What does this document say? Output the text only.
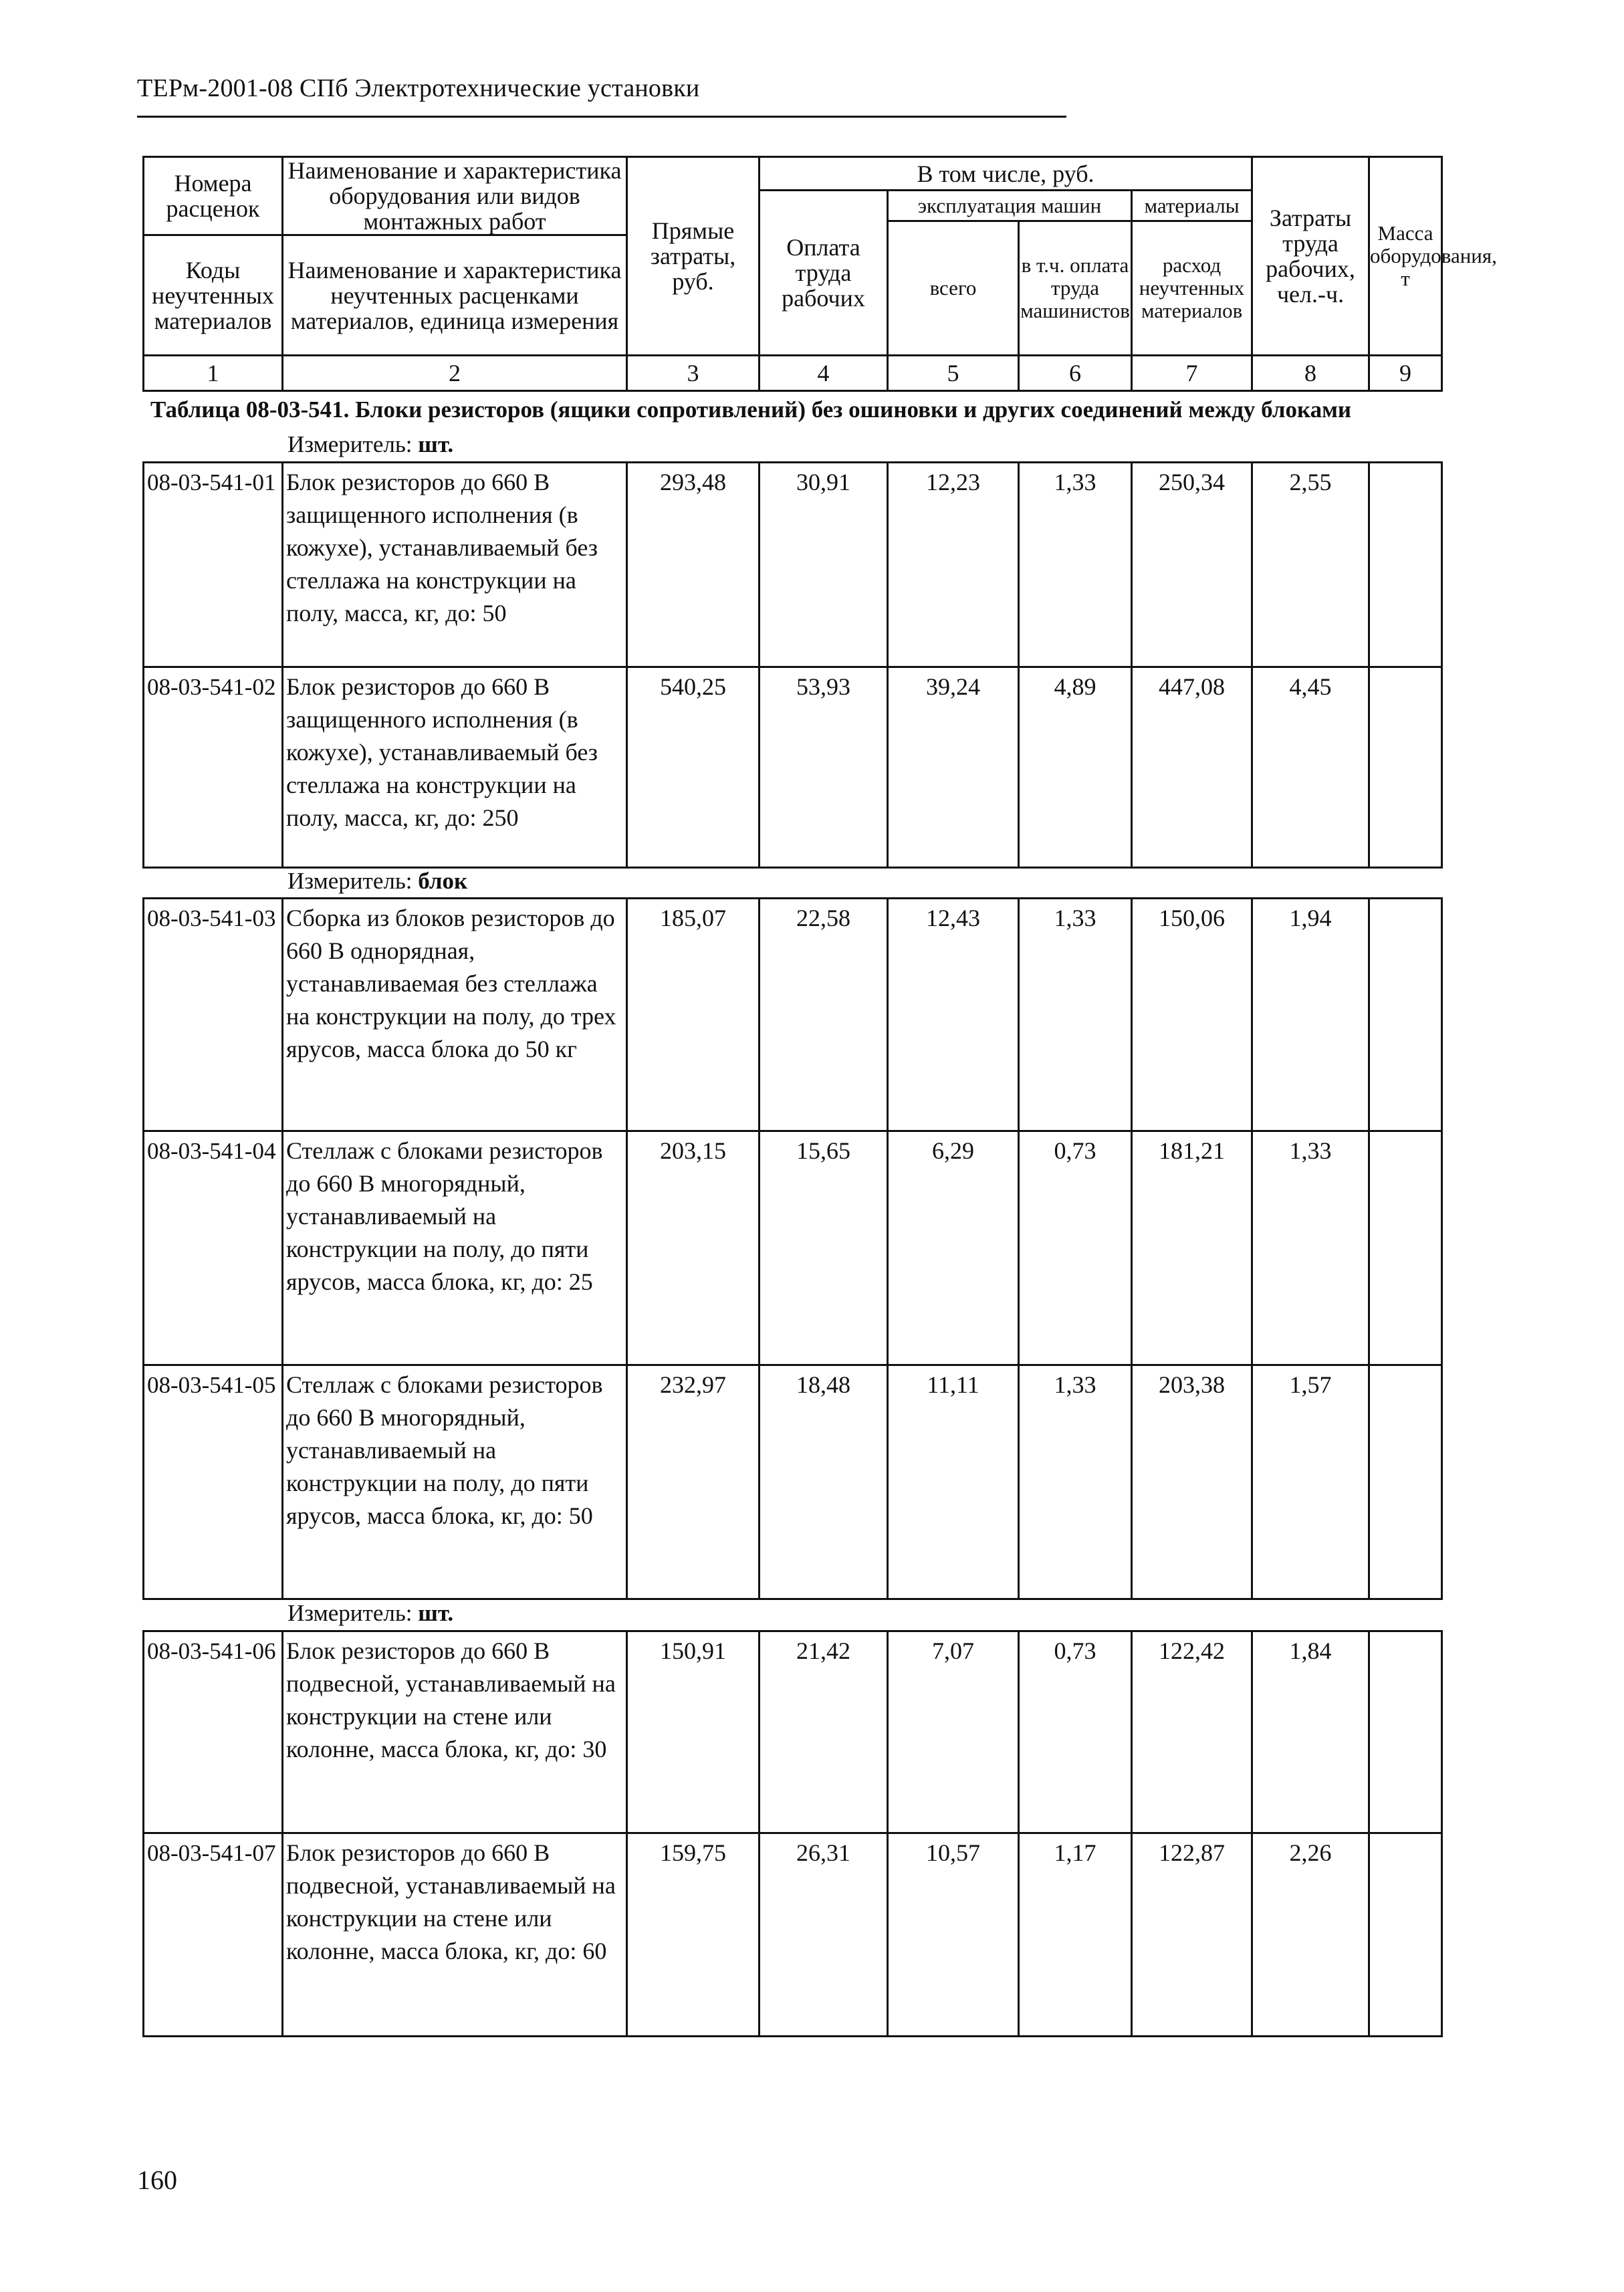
ТЕРм-2001-08 СПб Электротехнические установки
Номера расценок	Наименование и характеристика оборудования или видов монтажных работ	Прямые затраты, руб.	В том числе, руб.				Затраты труда рабочих, чел.-ч.	Масса оборудования, т
			Оплата труда рабочих	эксплуатация машин		материалы		
				всего	в т.ч. оплата труда машинистов	расход неучтенных материалов		
Коды неучтенных материалов	Наименование и характеристика неучтенных расценками материалов, единица измерения							

1	2	3	4	5	6	7	8	9
Таблица 08-03-541. Блоки резисторов (ящики сопротивлений) без ошиновки и других соединений между блоками
Измеритель: шт.
08-03-541-01	Блок резисторов до 660 В защищенного исполнения (в кожухе), устанавливаемый без стеллажа на конструкции на полу, масса, кг, до: 50	293,48	30,91	12,23	1,33	250,34	2,55	
08-03-541-02	Блок резисторов до 660 В защищенного исполнения (в кожухе), устанавливаемый без стеллажа на конструкции на полу, масса, кг, до: 250	540,25	53,93	39,24	4,89	447,08	4,45	
Измеритель: блок
08-03-541-03	Сборка из блоков резисторов до 660 В однорядная, устанавливаемая без стеллажа на конструкции на полу, до трех ярусов, масса блока до 50 кг	185,07	22,58	12,43	1,33	150,06	1,94	
08-03-541-04	Стеллаж с блоками резисторов до 660 В многорядный, устанавливаемый на конструкции на полу, до пяти ярусов, масса блока, кг, до: 25	203,15	15,65	6,29	0,73	181,21	1,33	
08-03-541-05	Стеллаж с блоками резисторов до 660 В многорядный, устанавливаемый на конструкции на полу, до пяти ярусов, масса блока, кг, до: 50	232,97	18,48	11,11	1,33	203,38	1,57	
Измеритель: шт.
08-03-541-06	Блок резисторов до 660 В подвесной, устанавливаемый на конструкции на стене или колонне, масса блока, кг, до: 30	150,91	21,42	7,07	0,73	122,42	1,84	
08-03-541-07	Блок резисторов до 660 В подвесной, устанавливаемый на конструкции на стене или колонне, масса блока, кг, до: 60	159,75	26,31	10,57	1,17	122,87	2,26	
160
